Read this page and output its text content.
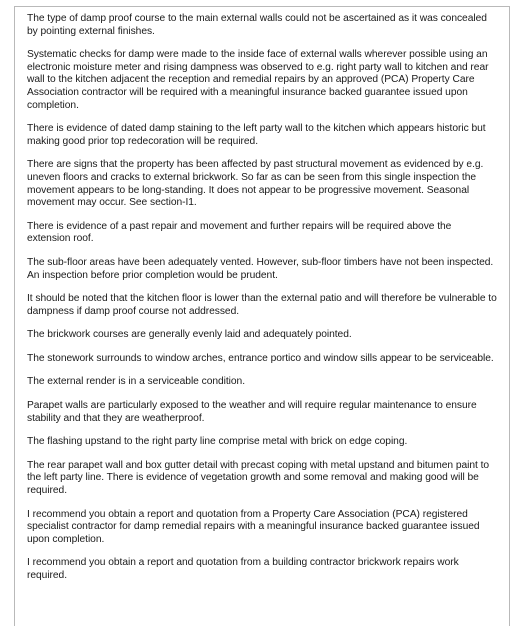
The type of damp proof course to the main external walls could not be ascertained as it was concealed by pointing external finishes.

Systematic checks for damp were made to the inside face of external walls wherever possible using an electronic moisture meter and rising dampness was observed to e.g. right party wall to kitchen and rear wall to the kitchen adjacent the reception and remedial repairs by an approved (PCA) Property Care Association contractor will be required with a meaningful insurance backed guarantee issued upon completion.

There is evidence of dated damp staining to the left party wall to the kitchen which appears historic but making good prior top redecoration will be required.

There are signs that the property has been affected by past structural movement as evidenced by e.g. uneven floors and cracks to external brickwork. So far as can be seen from this single inspection the movement appears to be long-standing. It does not appear to be progressive movement. Seasonal movement may occur. See section-I1.

There is evidence of a past repair and movement and further repairs will be required above the extension roof.

The sub-floor areas have been adequately vented. However, sub-floor timbers have not been inspected. An inspection before prior completion would be prudent.

It should be noted that the kitchen floor is lower than the external patio and will therefore be vulnerable to dampness if damp proof course not addressed.

The brickwork courses are generally evenly laid and adequately pointed.

The stonework surrounds to window arches, entrance portico and window sills appear to be serviceable.

The external render is in a serviceable condition.

Parapet walls are particularly exposed to the weather and will require regular maintenance to ensure stability and that they are weatherproof.

The flashing upstand to the right party line comprise metal with brick on edge coping.

The rear parapet wall and box gutter detail with precast coping with metal upstand and bitumen paint to the left party line. There is evidence of vegetation growth and some removal and making good will be required.

I recommend you obtain a report and quotation from a Property Care Association (PCA) registered specialist contractor for damp remedial repairs with a meaningful insurance backed guarantee issued upon completion.

I recommend you obtain a report and quotation from a building contractor brickwork repairs work required.
